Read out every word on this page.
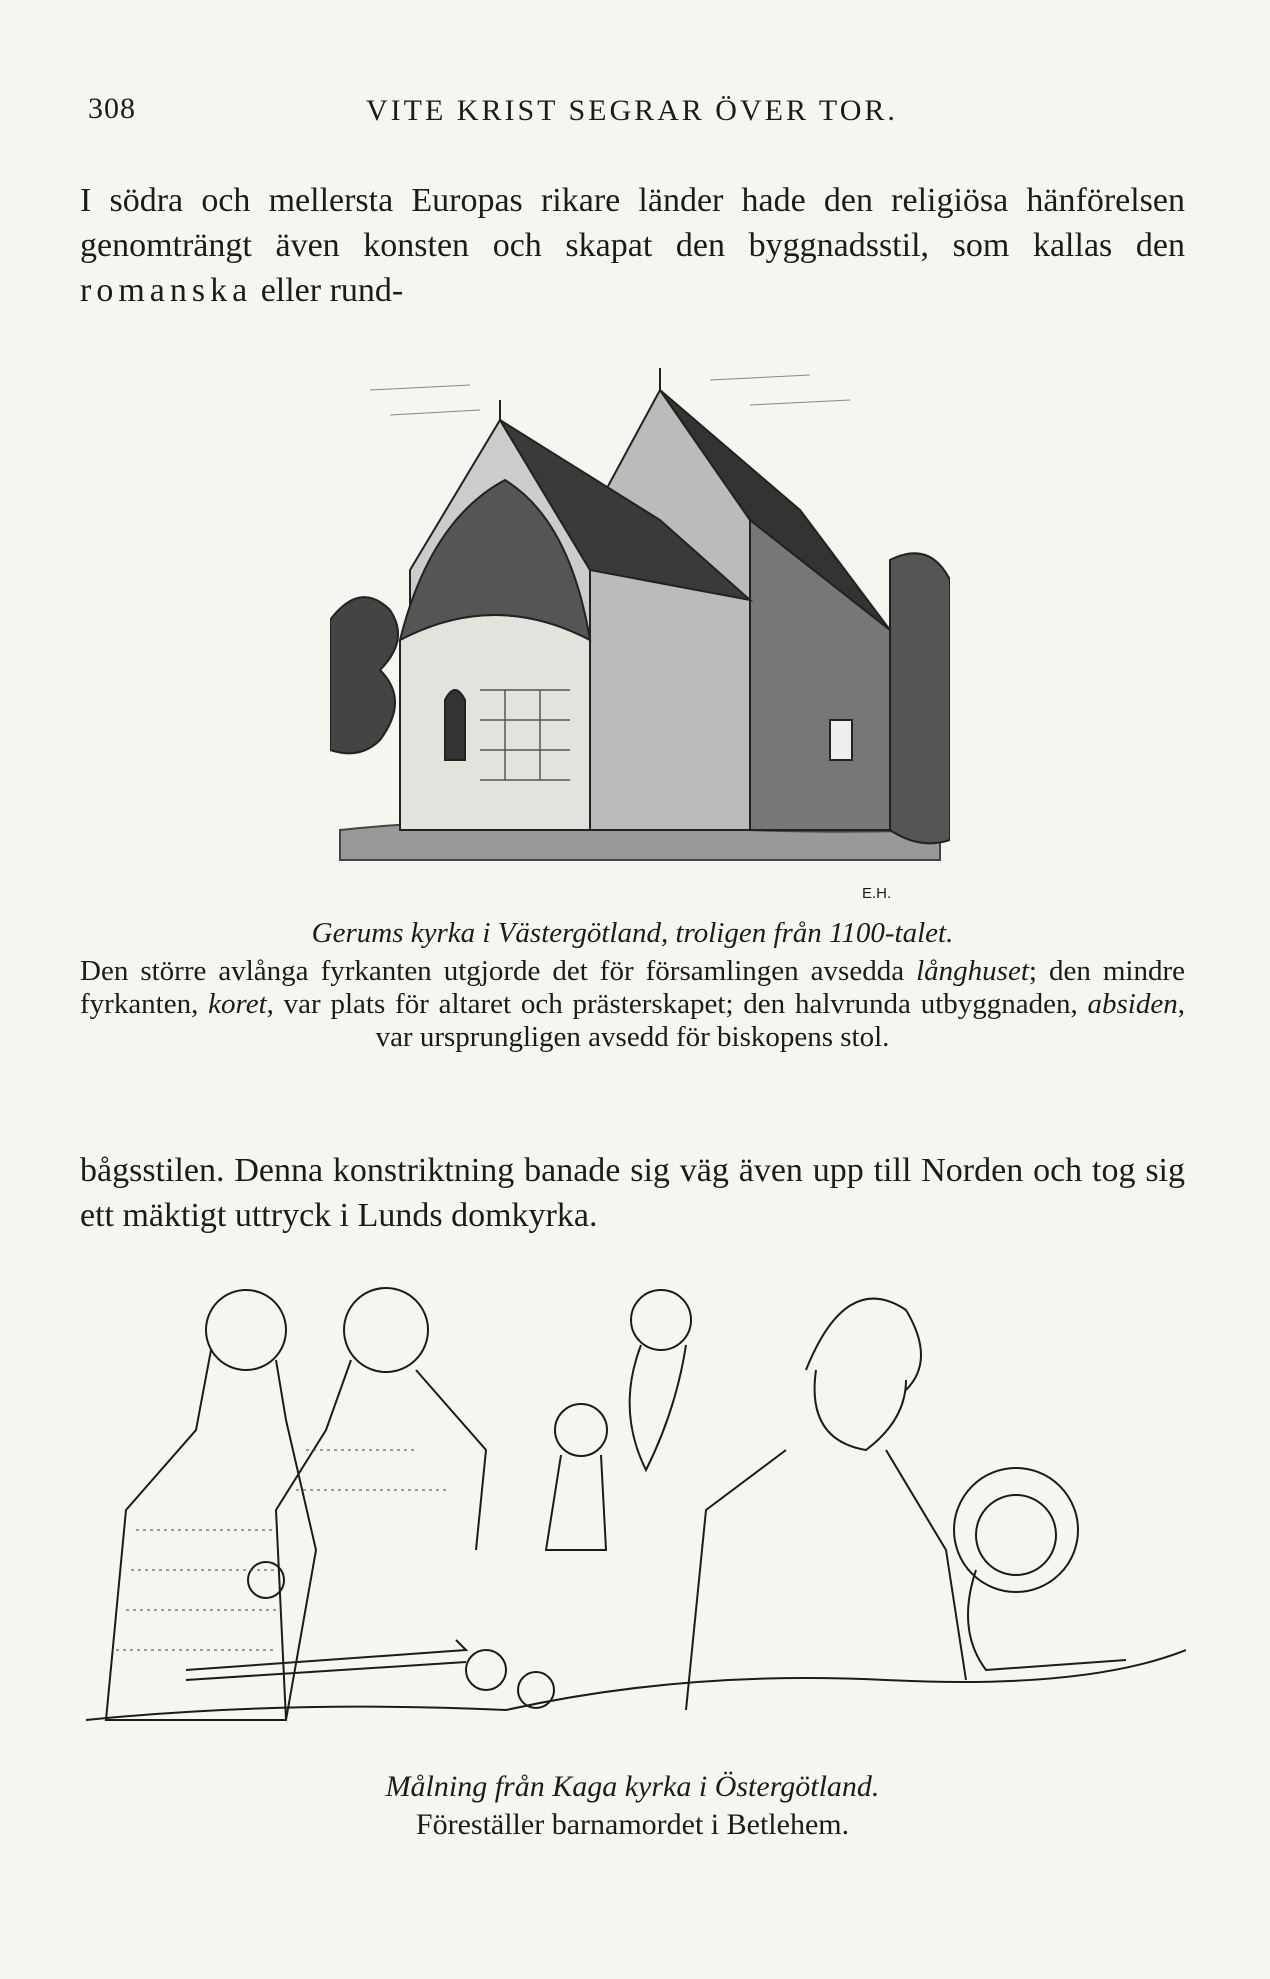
308	VITE KRIST SEGRAR ÖVER TOR.
I södra och mellersta Europas rikare länder hade den religiösa hänförelsen genomträngt även konsten och skapat den byggnadsstil, som kallas den romanska eller rund-
E.H.
Gerums kyrka i Västergötland, troligen från 1100-talet.
Den större avlånga fyrkanten utgjorde det för församlingen avsedda långhuset; den mindre fyrkanten, koret, var plats för altaret och prästerskapet; den halvrunda utbyggnaden, absiden, var ursprungligen avsedd för biskopens stol.
bågsstilen. Denna konstriktning banade sig väg även upp till Norden och tog sig ett mäktigt uttryck i Lunds domkyrka.
Målning från Kaga kyrka i Östergötland.
Föreställer barnamordet i Betlehem.
